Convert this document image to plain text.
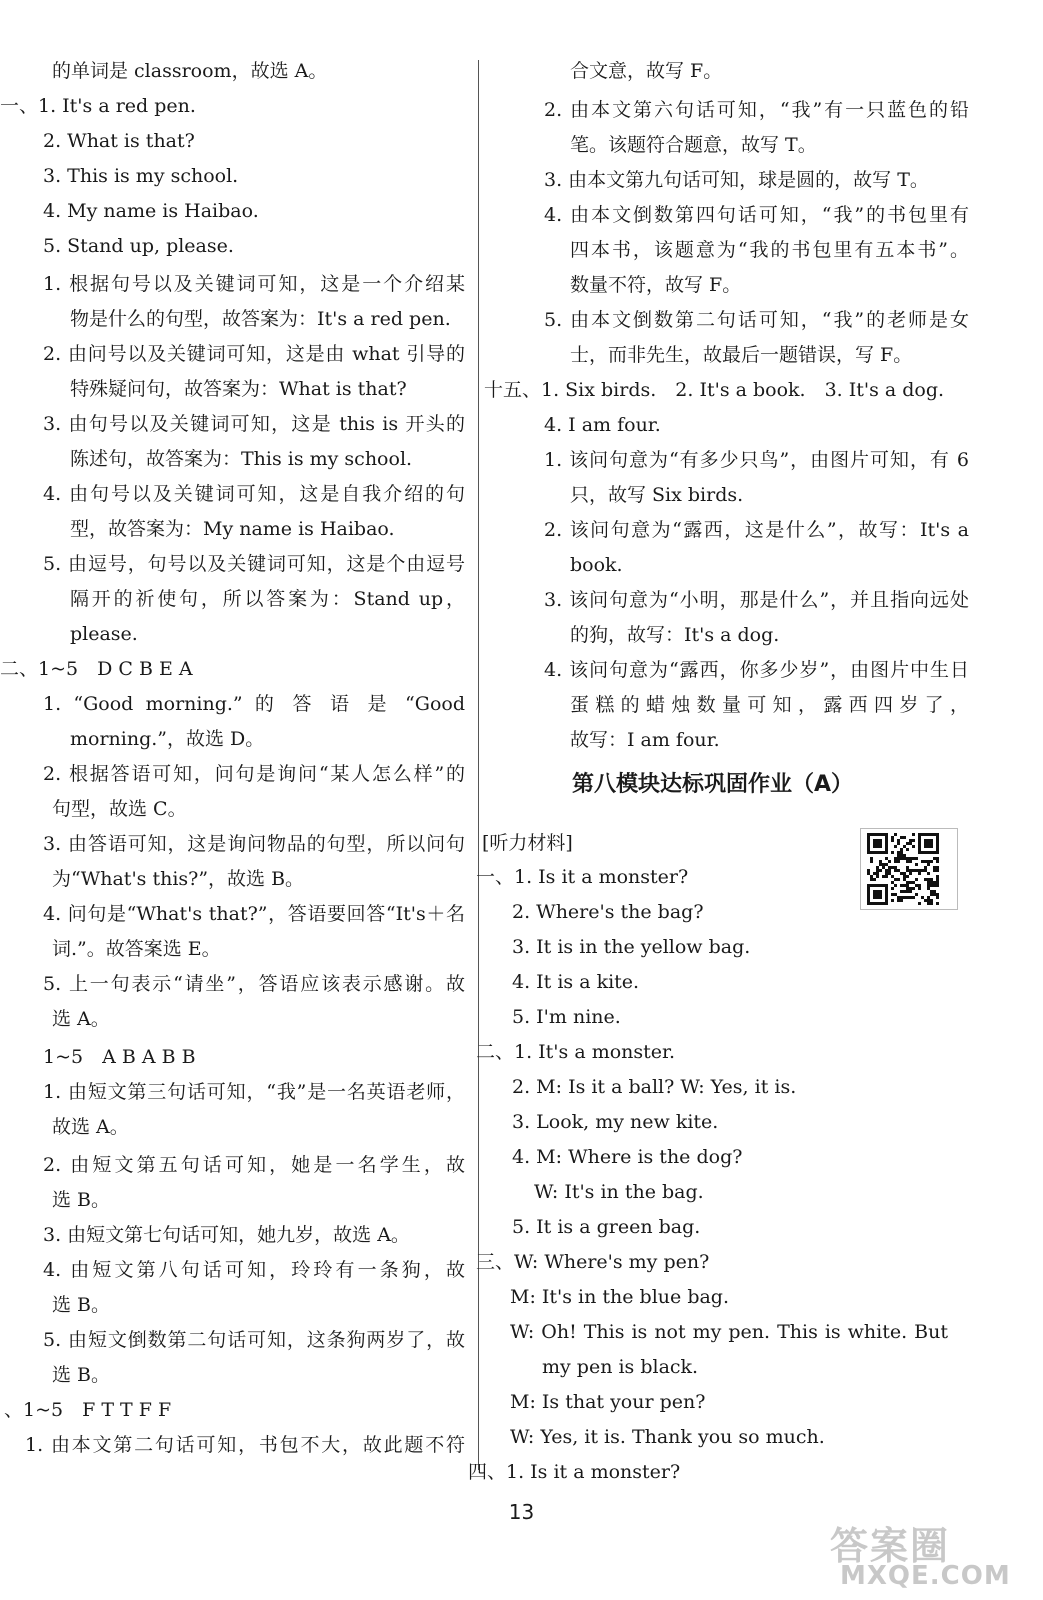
的单词是 classroom，故选 A。
一、1. It's a red pen.
2. What is that?
3. This is my school.
4. My name is Haibao.
5. Stand up, please.
1. 根据句号以及关键词可知，这是一个介绍某
物是什么的句型，故答案为：It's a red pen.
2. 由问号以及关键词可知，这是由 what 引导的
特殊疑问句，故答案为：What is that?
3. 由句号以及关键词可知，这是 this is 开头的
陈述句，故答案为：This is my school.
4. 由句号以及关键词可知，这是自我介绍的句
型，故答案为：My name is Haibao.
5. 由逗号，句号以及关键词可知，这是个由逗号
隔开的祈使句，所以答案为：Stand up，
please.
二、1~5　D C B E A
1. “Good morning.” 的 答 语 是 “Good
morning.”，故选 D。
2. 根据答语可知，问句是询问“某人怎么样”的
句型，故选 C。
3. 由答语可知，这是询问物品的句型，所以问句
为“What's this?”，故选 B。
4. 问句是“What's that?”，答语要回答“It's＋名
词.”。故答案选 E。
5. 上一句表示“请坐”，答语应该表示感谢。故
选 A。
1~5　A B A B B
1. 由短文第三句话可知，“我”是一名英语老师，
故选 A。
2. 由短文第五句话可知，她是一名学生，故
选 B。
3. 由短文第七句话可知，她九岁，故选 A。
4. 由短文第八句话可知，玲玲有一条狗，故
选 B。
5. 由短文倒数第二句话可知，这条狗两岁了，故
选 B。
、1~5　F T T F F
1. 由本文第二句话可知，书包不大，故此题不符
合文意，故写 F。
2. 由本文第六句话可知，“我”有一只蓝色的铅
笔。该题符合题意，故写 T。
3. 由本文第九句话可知，球是圆的，故写 T。
4. 由本文倒数第四句话可知，“我”的书包里有
四本书，该题意为“我的书包里有五本书”。
数量不符，故写 F。
5. 由本文倒数第二句话可知，“我”的老师是女
士，而非先生，故最后一题错误，写 F。
十五、1. Six birds.　2. It's a book.　3. It's a dog.
4. I am four.
1. 该问句意为“有多少只鸟”，由图片可知，有 6
只，故写 Six birds.
2. 该问句意为“露西，这是什么”，故写：It's a
book.
3. 该问句意为“小明，那是什么”，并且指向远处
的狗，故写：It's a dog.
4. 该问句意为“露西，你多少岁”，由图片中生日
蛋糕的蜡烛数量可知，露西四岁了，
故写：I am four.
第八模块达标巩固作业（A）
[听力材料]
一、1. Is it a monster?
2. Where's the bag?
3. It is in the yellow bag.
4. It is a kite.
5. I'm nine.
二、1. It's a monster.
2. M: Is it a ball? W: Yes, it is.
3. Look, my new kite.
4. M: Where is the dog?
W: It's in the bag.
5. It is a green bag.
三、W: Where's my pen?
M: It's in the blue bag.
W: Oh! This is not my pen. This is white. But
my pen is black.
M: Is that your pen?
W: Yes, it is. Thank you so much.
四、1. Is it a monster?
13
答案圈
MXQE.COM
